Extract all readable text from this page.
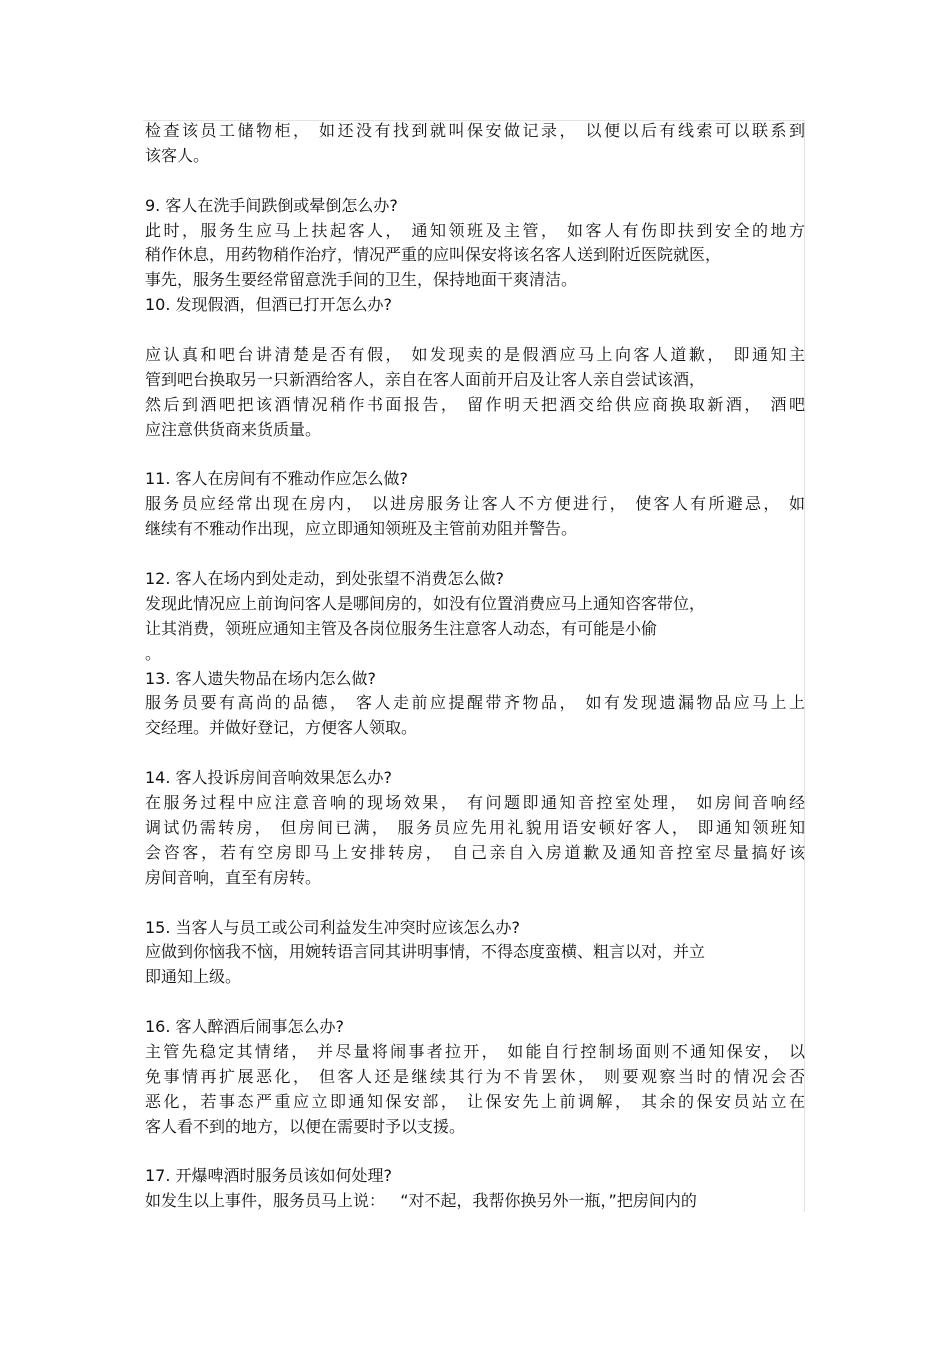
检查该员工储物柜， 如还没有找到就叫保安做记录， 以便以后有线索可以联系到
该客人。
9. 客人在洗手间跌倒或晕倒怎么办?
此时，服务生应马上扶起客人， 通知领班及主管， 如客人有伤即扶到安全的地方
稍作休息，用药物稍作治疗，情况严重的应叫保安将该名客人送到附近医院就医，
事先，服务生要经常留意洗手间的卫生，保持地面干爽清洁。
10. 发现假酒，但酒已打开怎么办?
应认真和吧台讲清楚是否有假， 如发现卖的是假酒应马上向客人道歉， 即通知主
管到吧台换取另一只新酒给客人，亲自在客人面前开启及让客人亲自尝试该酒，
然后到酒吧把该酒情况稍作书面报告， 留作明天把酒交给供应商换取新酒， 酒吧
应注意供货商来货质量。
11. 客人在房间有不雅动作应怎么做?
服务员应经常出现在房内， 以进房服务让客人不方便进行， 使客人有所避忌， 如
继续有不雅动作出现，应立即通知领班及主管前劝阻并警告。
12. 客人在场内到处走动，到处张望不消费怎么做?
发现此情况应上前询问客人是哪间房的，如没有位置消费应马上通知咨客带位，
让其消费，领班应通知主管及各岗位服务生注意客人动态，有可能是小偷
。
13. 客人遗失物品在场内怎么做?
服务员要有高尚的品德， 客人走前应提醒带齐物品， 如有发现遗漏物品应马上上
交经理。并做好登记，方便客人领取。
14. 客人投诉房间音响效果怎么办?
在服务过程中应注意音响的现场效果， 有问题即通知音控室处理， 如房间音响经
调试仍需转房， 但房间已满， 服务员应先用礼貌用语安顿好客人， 即通知领班知
会咨客，若有空房即马上安排转房， 自己亲自入房道歉及通知音控室尽量搞好该
房间音响，直至有房转。
15. 当客人与员工或公司利益发生冲突时应该怎么办?
应做到你恼我不恼，用婉转语言同其讲明事情，不得态度蛮横、粗言以对，并立
即通知上级。
16. 客人醉酒后闹事怎么办?
主管先稳定其情绪， 并尽量将闹事者拉开， 如能自行控制场面则不通知保安， 以
免事情再扩展恶化， 但客人还是继续其行为不肯罢休， 则要观察当时的情况会否
恶化，若事态严重应立即通知保安部， 让保安先上前调解， 其余的保安员站立在
客人看不到的地方，以便在需要时予以支援。
17. 开爆啤酒时服务员该如何处理?
如发生以上事件，服务员马上说：   “对不起，我帮你换另外一瓶，”把房间内的
